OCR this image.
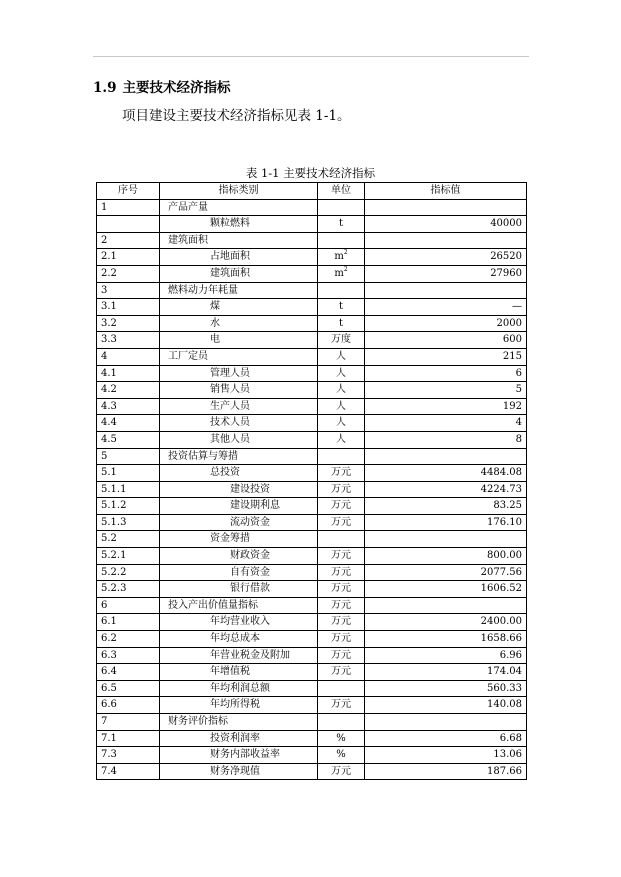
1.9 主要技术经济指标
项目建设主要技术经济指标见表 1-1。
表 1-1 主要技术经济指标
序号	指标类别	单位	指标值
1	产品产量		
	颗粒燃料	t	40000
2	建筑面积		
2.1	占地面积	$m^2$	26520
2.2	建筑面积	$m^2$	27960
3	燃料动力年耗量		
3.1	煤	t	—
3.2	水	t	2000
3.3	电	万度	600
4	工厂定员	人	215
4.1	管理人员	人	6
4.2	销售人员	人	5
4.3	生产人员	人	192
4.4	技术人员	人	4
4.5	其他人员	人	8
5	投资估算与筹措		
5.1	总投资	万元	4484.08
5.1.1	建设投资	万元	4224.73
5.1.2	建设期利息	万元	83.25
5.1.3	流动资金	万元	176.10
5.2	资金筹措		
5.2.1	财政资金	万元	800.00
5.2.2	自有资金	万元	2077.56
5.2.3	银行借款	万元	1606.52
6	投入产出价值量指标	万元	
6.1	年均营业收入	万元	2400.00
6.2	年均总成本	万元	1658.66
6.3	年营业税金及附加	万元	6.96
6.4	年增值税	万元	174.04
6.5	年均利润总额		560.33
6.6	年均所得税	万元	140.08
7	财务评价指标		
7.1	投资利润率	%	6.68
7.3	财务内部收益率	%	13.06
7.4	财务净现值	万元	187.66
